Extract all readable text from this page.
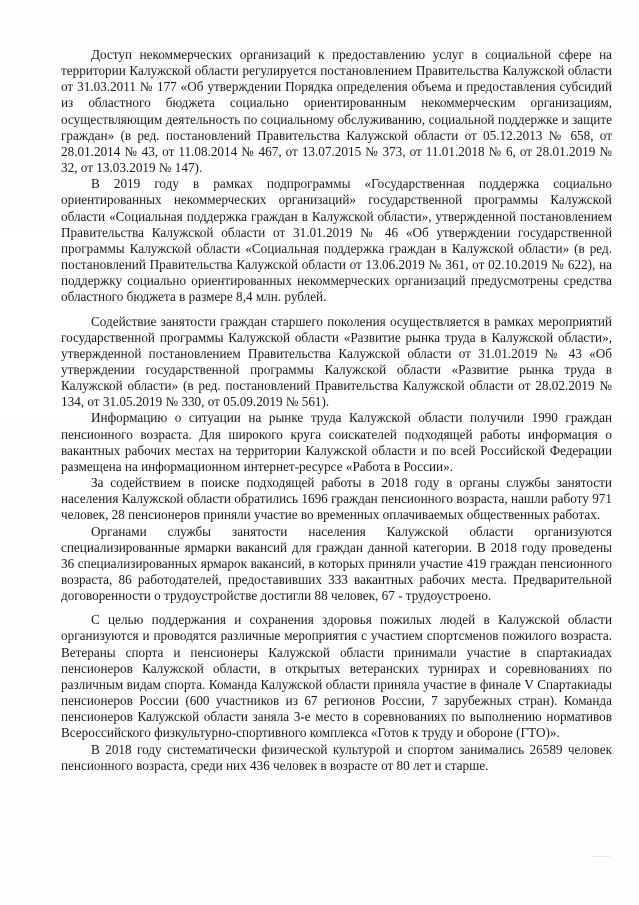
Доступ некоммерческих организаций к предоставлению услуг в социальной сфере на территории Калужской области регулируется постановлением Правительства Калужской области от 31.03.2011 № 177 «Об утверждении Порядка определения объема и предоставления субсидий из областного бюджета социально ориентированным некоммерческим организациям, осуществляющим деятельность по социальному обслуживанию, социальной поддержке и защите граждан» (в ред. постановлений Правительства Калужской области от 05.12.2013 № 658, от 28.01.2014 № 43, от 11.08.2014 № 467, от 13.07.2015 № 373, от 11.01.2018 № 6, от 28.01.2019 № 32, от 13.03.2019 № 147).

В 2019 году в рамках подпрограммы «Государственная поддержка социально ориентированных некоммерческих организаций» государственной программы Калужской области «Социальная поддержка граждан в Калужской области», утвержденной постановлением Правительства Калужской области от 31.01.2019 № 46 «Об утверждении государственной программы Калужской области «Социальная поддержка граждан в Калужской области» (в ред. постановлений Правительства Калужской области от 13.06.2019 № 361, от 02.10.2019 № 622), на поддержку социально ориентированных некоммерческих организаций предусмотрены средства областного бюджета в размере 8,4 млн. рублей.

Содействие занятости граждан старшего поколения осуществляется в рамках мероприятий государственной программы Калужской области «Развитие рынка труда в Калужской области», утвержденной постановлением Правительства Калужской области от 31.01.2019 № 43 «Об утверждении государственной программы Калужской области «Развитие рынка труда в Калужской области» (в ред. постановлений Правительства Калужской области от 28.02.2019 № 134, от 31.05.2019 № 330, от 05.09.2019 № 561).

Информацию о ситуации на рынке труда Калужской области получили 1990 граждан пенсионного возраста. Для широкого круга соискателей подходящей работы информация о вакантных рабочих местах на территории Калужской области и по всей Российской Федерации размещена на информационном интернет-ресурсе «Работа в России».

За содействием в поиске подходящей работы в 2018 году в органы службы занятости населения Калужской области обратились 1696 граждан пенсионного возраста, нашли работу 971 человек, 28 пенсионеров приняли участие во временных оплачиваемых общественных работах.

Органами службы занятости населения Калужской области организуются специализированные ярмарки вакансий для граждан данной категории. В 2018 году проведены 36 специализированных ярмарок вакансий, в которых приняли участие 419 граждан пенсионного возраста, 86 работодателей, предоставивших 333 вакантных рабочих места. Предварительной договоренности о трудоустройстве достигли 88 человек, 67 - трудоустроено.

С целью поддержания и сохранения здоровья пожилых людей в Калужской области организуются и проводятся различные мероприятия с участием спортсменов пожилого возраста. Ветераны спорта и пенсионеры Калужской области принимали участие в спартакиадах пенсионеров Калужской области, в открытых ветеранских турнирах и соревнованиях по различным видам спорта. Команда Калужской области приняла участие в финале V Спартакиады пенсионеров России (600 участников из 67 регионов России, 7 зарубежных стран). Команда пенсионеров Калужской области заняла 3-е место в соревнованиях по выполнению нормативов Всероссийского физкультурно-спортивного комплекса «Готов к труду и обороне (ГТО)».

В 2018 году систематически физической культурой и спортом занимались 26589 человек пенсионного возраста, среди них 436 человек в возрасте от 80 лет и старше.
